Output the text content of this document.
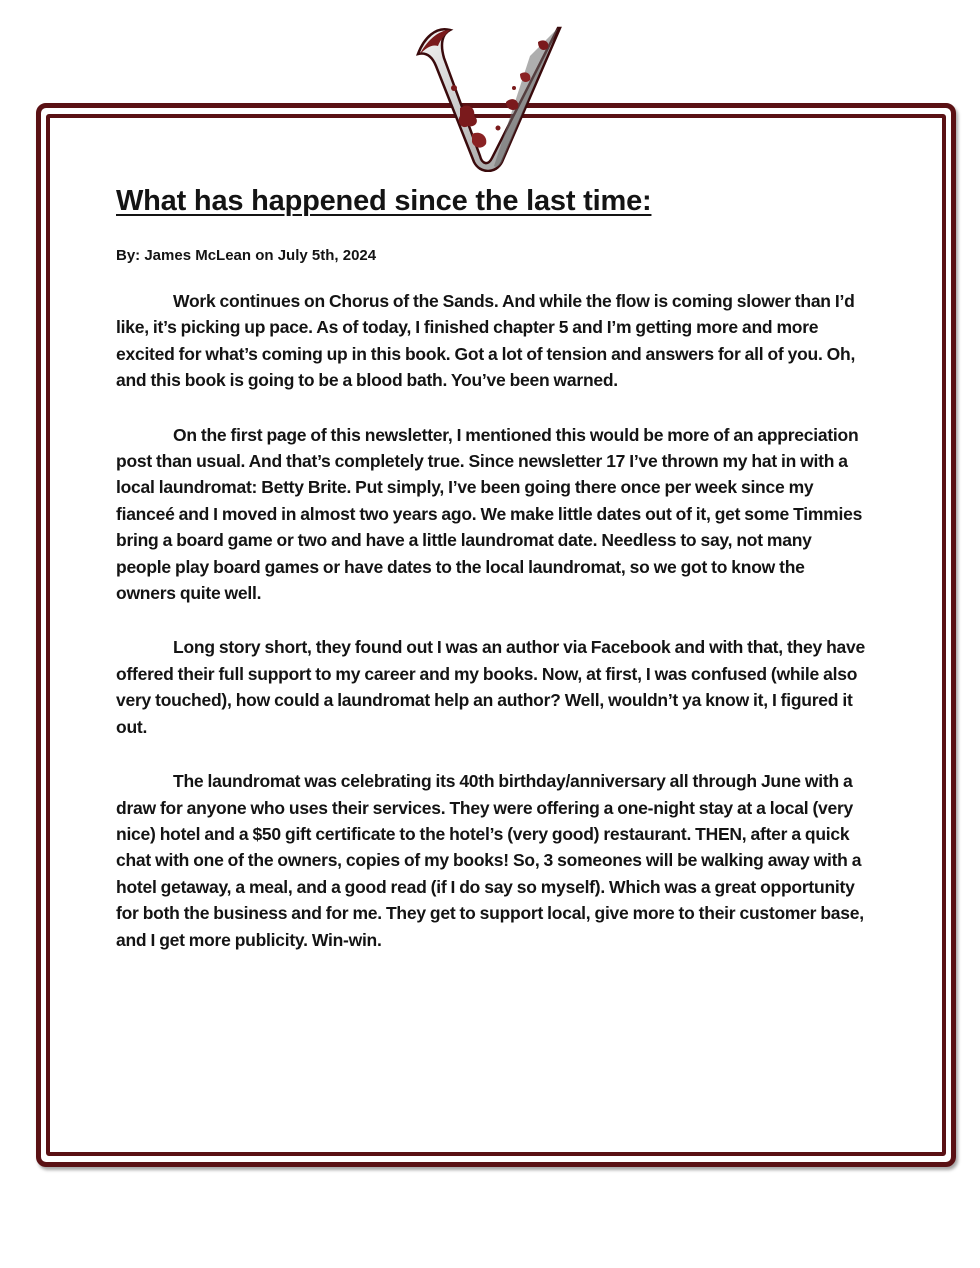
What has happened since the last time:

By: James McLean on July 5th, 2024

Work continues on Chorus of the Sands. And while the flow is coming slower than I’d like, it’s picking up pace. As of today, I finished chapter 5 and I’m getting more and more excited for what’s coming up in this book. Got a lot of tension and answers for all of you. Oh, and this book is going to be a blood bath. You’ve been warned.

On the first page of this newsletter, I mentioned this would be more of an appreciation post than usual. And that’s completely true. Since newsletter 17 I’ve thrown my hat in with a local laundromat: Betty Brite. Put simply, I’ve been going there once per week since my fianceé and I moved in almost two years ago. We make little dates out of it, get some Timmies bring a board game or two and have a little laundromat date. Needless to say, not many people play board games or have dates to the local laundromat, so we got to know the owners quite well.

Long story short, they found out I was an author via Facebook and with that, they have offered their full support to my career and my books. Now, at first, I was confused (while also very touched), how could a laundromat help an author? Well, wouldn’t ya know it, I figured it out.

The laundromat was celebrating its 40th birthday/anniversary all through June with a draw for anyone who uses their services. They were offering a one-night stay at a local (very nice) hotel and a $50 gift certificate to the hotel’s (very good) restaurant. THEN, after a quick chat with one of the owners, copies of my books! So, 3 someones will be walking away with a hotel getaway, a meal, and a good read (if I do say so myself). Which was a great opportunity for both the business and for me. They get to support local, give more to their customer base, and I get more publicity. Win-win.
